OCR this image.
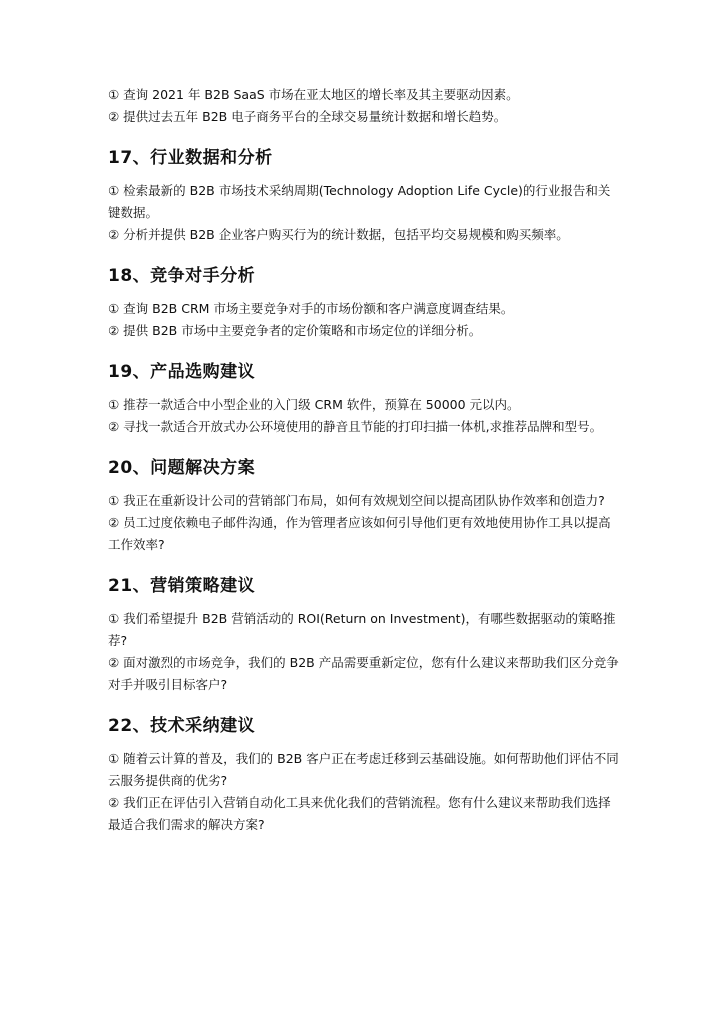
① 查询 2021 年 B2B SaaS 市场在亚太地区的增长率及其主要驱动因素。
② 提供过去五年 B2B 电子商务平台的全球交易量统计数据和增长趋势。
17、行业数据和分析

① 检索最新的 B2B 市场技术采纳周期(Technology Adoption Life Cycle)的行业报告和关键数据。

② 分析并提供 B2B 企业客户购买行为的统计数据，包括平均交易规模和购买频率。

18、竞争对手分析

① 查询 B2B CRM 市场主要竞争对手的市场份额和客户满意度调查结果。

② 提供 B2B 市场中主要竞争者的定价策略和市场定位的详细分析。

19、产品选购建议

① 推荐一款适合中小型企业的入门级 CRM 软件，预算在 50000 元以内。

② 寻找一款适合开放式办公环境使用的静音且节能的打印扫描一体机,求推荐品牌和型号。

20、问题解决方案

① 我正在重新设计公司的营销部门布局，如何有效规划空间以提高团队协作效率和创造力?

② 员工过度依赖电子邮件沟通，作为管理者应该如何引导他们更有效地使用协作工具以提高工作效率?

21、营销策略建议

① 我们希望提升 B2B 营销活动的 ROI(Return on Investment)，有哪些数据驱动的策略推荐?

② 面对激烈的市场竞争，我们的 B2B 产品需要重新定位，您有什么建议来帮助我们区分竞争对手并吸引目标客户?

22、技术采纳建议

① 随着云计算的普及，我们的 B2B 客户正在考虑迁移到云基础设施。如何帮助他们评估不同云服务提供商的优劣?

② 我们正在评估引入营销自动化工具来优化我们的营销流程。您有什么建议来帮助我们选择最适合我们需求的解决方案?
